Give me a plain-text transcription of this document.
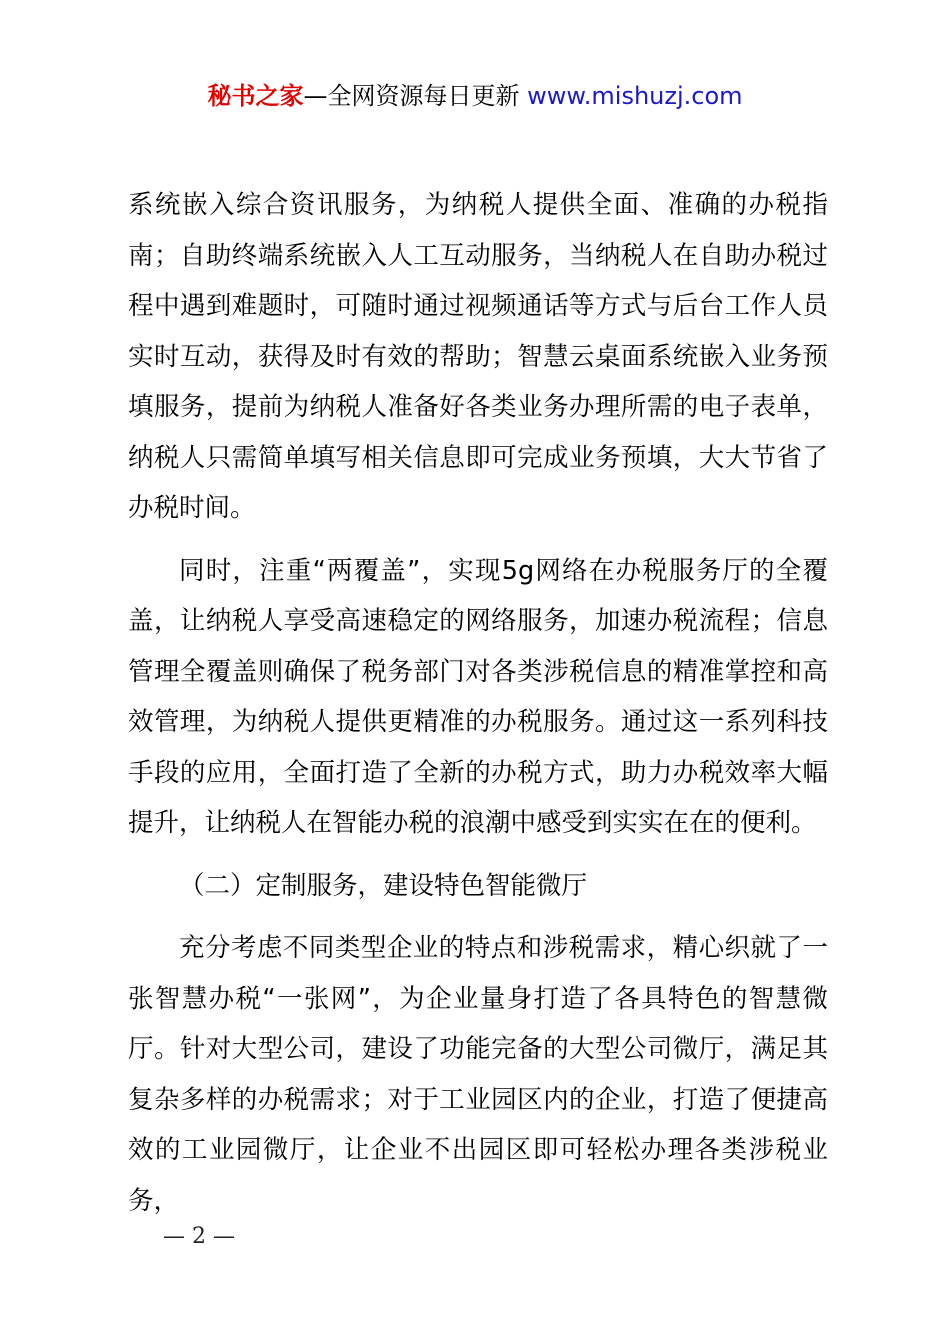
秘书之家—全网资源每日更新 www.mishuzj.com

系统嵌入综合资讯服务，为纳税人提供全面、准确的办税指南；自助终端系统嵌入人工互动服务，当纳税人在自助办税过程中遇到难题时，可随时通过视频通话等方式与后台工作人员实时互动，获得及时有效的帮助；智慧云桌面系统嵌入业务预填服务，提前为纳税人准备好各类业务办理所需的电子表单，纳税人只需简单填写相关信息即可完成业务预填，大大节省了办税时间。

同时，注重“两覆盖”，实现5g网络在办税服务厅的全覆盖，让纳税人享受高速稳定的网络服务，加速办税流程；信息管理全覆盖则确保了税务部门对各类涉税信息的精准掌控和高效管理，为纳税人提供更精准的办税服务。通过这一系列科技手段的应用，全面打造了全新的办税方式，助力办税效率大幅提升，让纳税人在智能办税的浪潮中感受到实实在在的便利。

（二）定制服务，建设特色智能微厅

充分考虑不同类型企业的特点和涉税需求，精心织就了一张智慧办税“一张网”，为企业量身打造了各具特色的智慧微厅。针对大型公司，建设了功能完备的大型公司微厅，满足其复杂多样的办税需求；对于工业园区内的企业，打造了便捷高效的工业园微厅，让企业不出园区即可轻松办理各类涉税业务，

— 2 —
